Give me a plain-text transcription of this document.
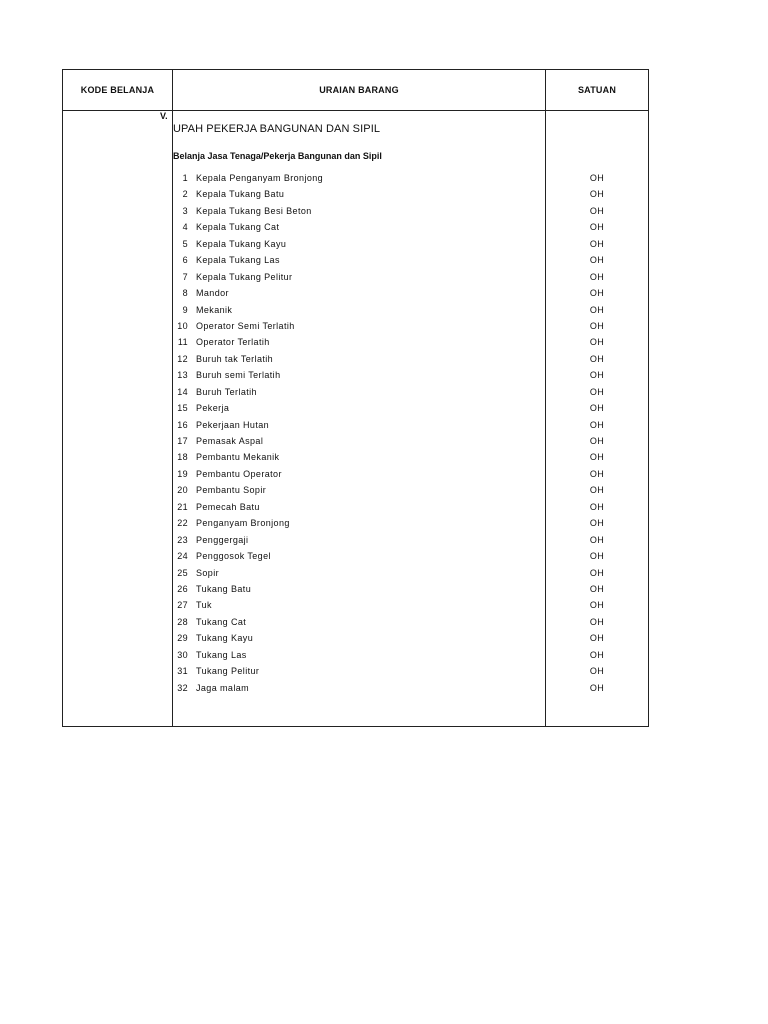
KODE BELANJA	URAIAN BARANG	SATUAN
V.
UPAH PEKERJA BANGUNAN DAN SIPIL
Belanja Jasa Tenaga/Pekerja Bangunan dan Sipil
1 Kepala Penganyam Bronjong	OH
2 Kepala Tukang Batu	OH
3 Kepala Tukang Besi Beton	OH
4 Kepala Tukang Cat	OH
5 Kepala Tukang Kayu	OH
6 Kepala Tukang Las	OH
7 Kepala Tukang Pelitur	OH
8 Mandor	OH
9 Mekanik	OH
10 Operator Semi Terlatih	OH
11 Operator Terlatih	OH
12 Buruh tak Terlatih	OH
13 Buruh semi Terlatih	OH
14 Buruh Terlatih	OH
15 Pekerja	OH
16 Pekerjaan Hutan	OH
17 Pemasak Aspal	OH
18 Pembantu Mekanik	OH
19 Pembantu Operator	OH
20 Pembantu Sopir	OH
21 Pemecah Batu	OH
22 Penganyam Bronjong	OH
23 Penggergaji	OH
24 Penggosok Tegel	OH
25 Sopir	OH
26 Tukang Batu	OH
27 Tuk	OH
28 Tukang Cat	OH
29 Tukang Kayu	OH
30 Tukang Las	OH
31 Tukang Pelitur	OH
32 Jaga malam	OH
